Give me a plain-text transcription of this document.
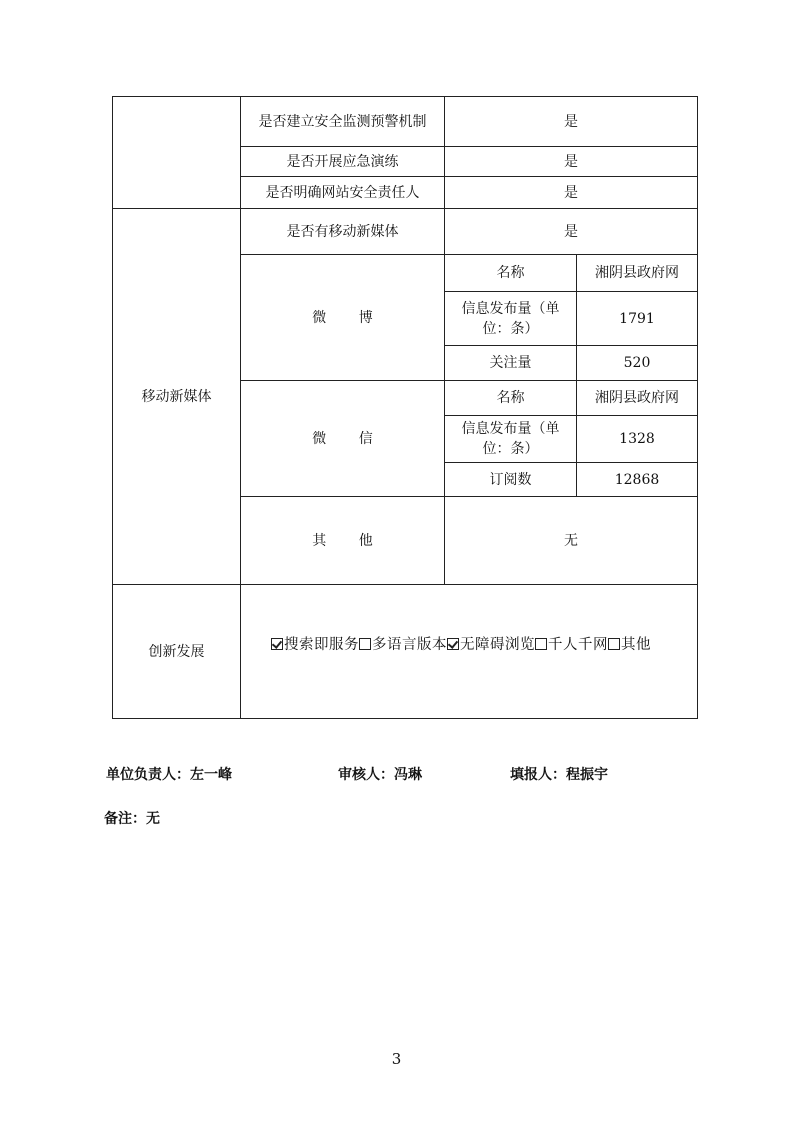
	是否建立安全监测预警机制	是	
	是否开展应急演练	是	
	是否明确网站安全责任人	是	
移动新媒体	是否有移动新媒体	是	
	微 博	名称	湘阴县政府网
		信息发布量（单位：条）	1791
		关注量	520
	微 信	名称	湘阴县政府网
		信息发布量（单位：条）	1328
		订阅数	12868
	其 他	无	
创新发展	搜索即服务 多语言版本 无障碍浏览 千人千网 其他		
单位负责人：左一峰	审核人：冯琳	填报人：程振宇
备注：无
3
